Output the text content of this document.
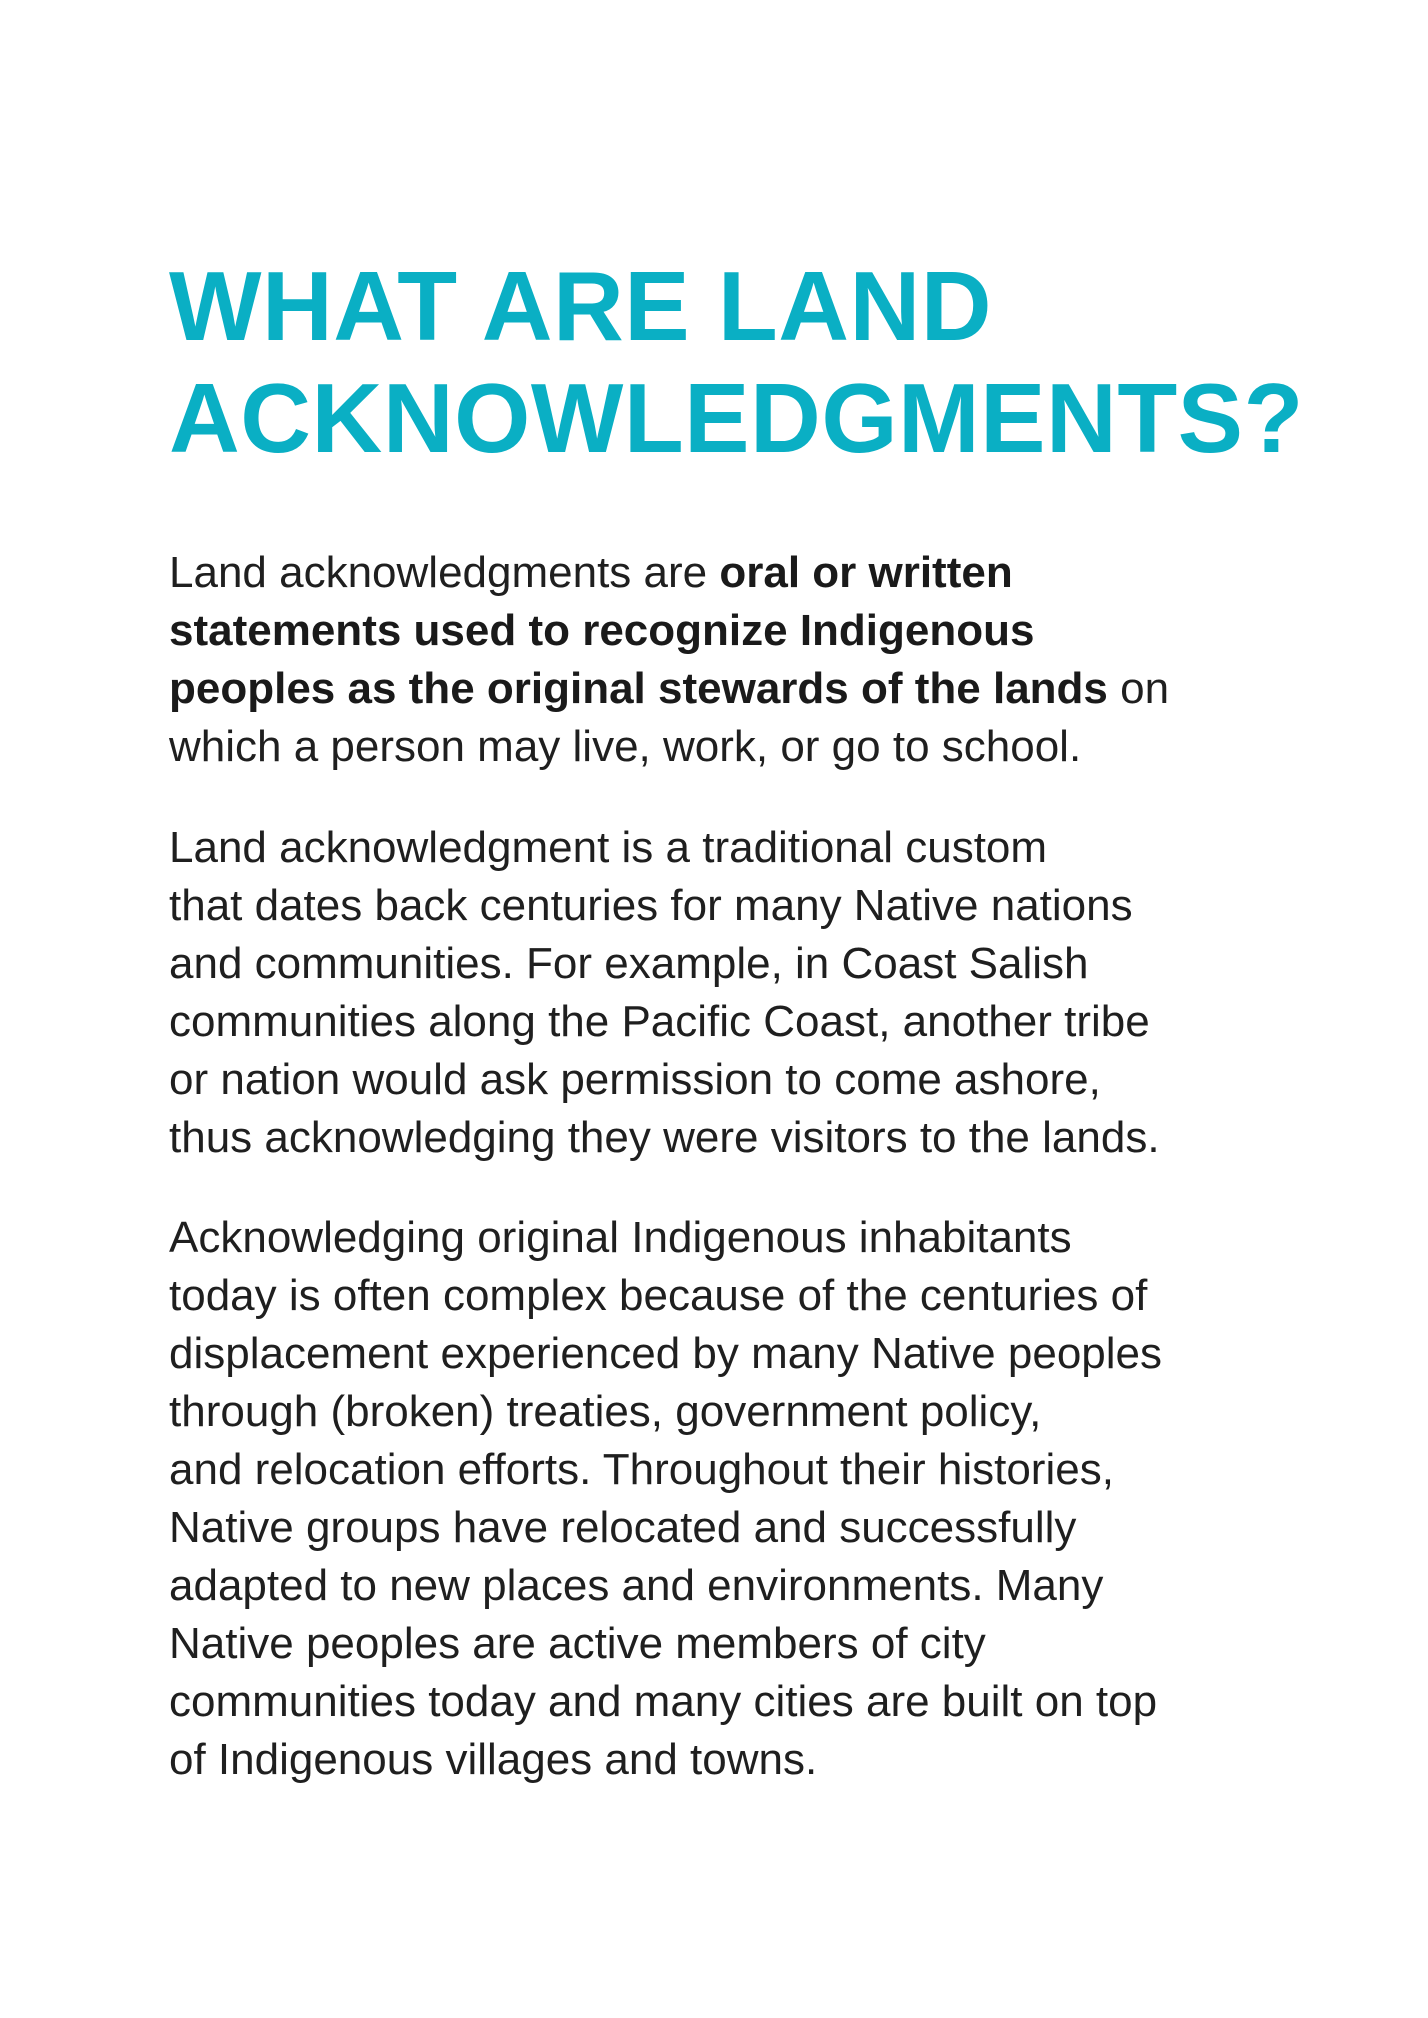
WHAT ARE LAND
ACKNOWLEDGMENTS?

Land acknowledgments are oral or written
statements used to recognize Indigenous
peoples as the original stewards of the lands on
which a person may live, work, or go to school.

Land acknowledgment is a traditional custom
that dates back centuries for many Native nations
and communities. For example, in Coast Salish
communities along the Pacific Coast, another tribe
or nation would ask permission to come ashore,
thus acknowledging they were visitors to the lands.

Acknowledging original Indigenous inhabitants
today is often complex because of the centuries of
displacement experienced by many Native peoples
through (broken) treaties, government policy,
and relocation efforts. Throughout their histories,
Native groups have relocated and successfully
adapted to new places and environments. Many
Native peoples are active members of city
communities today and many cities are built on top
of Indigenous villages and towns.
